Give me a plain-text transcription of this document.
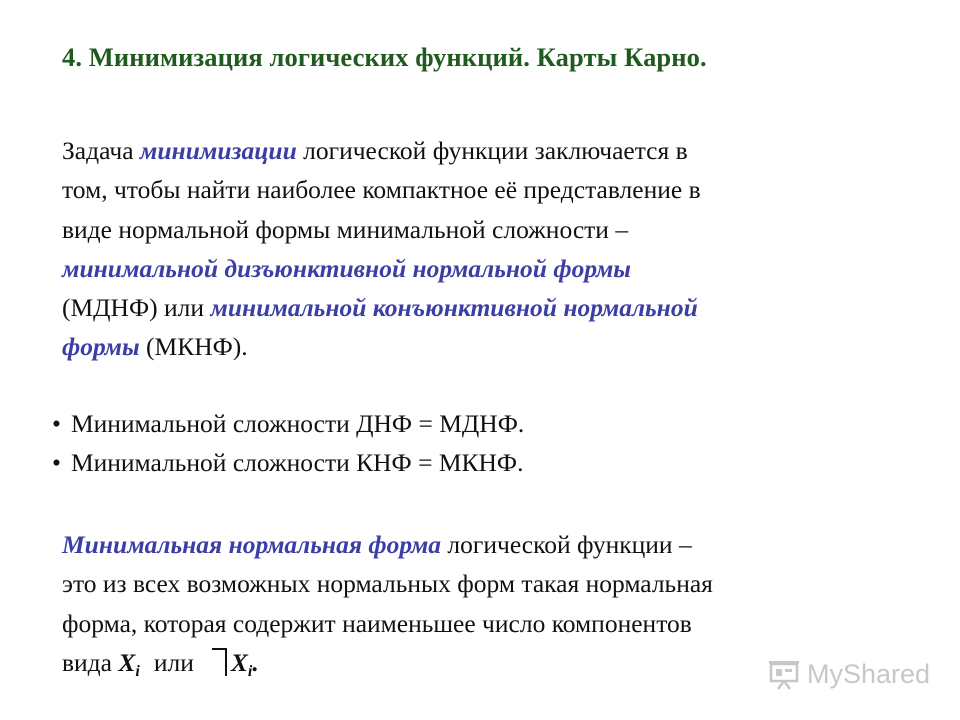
4. Минимизация логических функций. Карты Карно.

Задача минимизации логической функции заключается в
том, чтобы найти наиболее компактное её представление в
виде нормальной формы минимальной сложности –
минимальной дизъюнктивной нормальной формы
(МДНФ) или минимальной конъюнктивной нормальной
формы (МКНФ).

• Минимальной сложности ДНФ = МДНФ.
• Минимальной сложности КНФ = МКНФ.

Минимальная нормальная форма логической функции –
это из всех возможных нормальных форм такая нормальная
форма, которая содержит наименьшее число компонентов
вида $X_i$ или $X_i$.	MyShared
